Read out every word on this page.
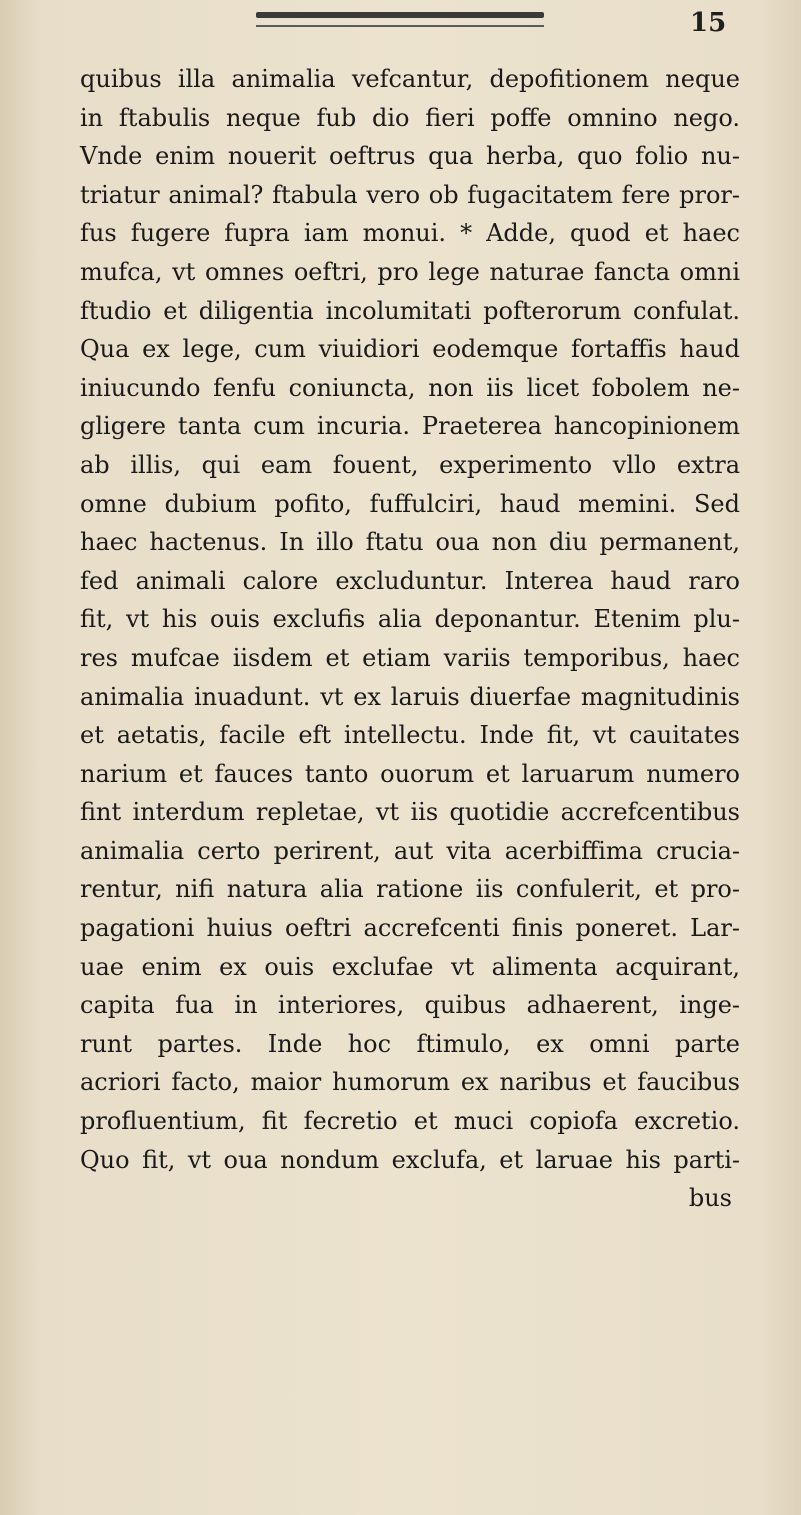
15
quibus illa animalia vefcantur, depofitionem neque
in ftabulis neque fub dio fieri poffe omnino nego.
Vnde enim nouerit oeftrus qua herba, quo folio nu-
triatur animal? ftabula vero ob fugacitatem fere pror-
fus fugere fupra iam monui. * Adde, quod et haec
mufca, vt omnes oeftri, pro lege naturae fancta omni
ftudio et diligentia incolumitati pofterorum confulat.
Qua ex lege, cum viuidiori eodemque fortaffis haud
iniucundo fenfu coniuncta, non iis licet fobolem ne-
gligere tanta cum incuria. Praeterea hancopinionem
ab illis, qui eam fouent, experimento vllo extra
omne dubium pofito, fuffulciri, haud memini. Sed
haec hactenus. In illo ftatu oua non diu permanent,
fed animali calore excluduntur. Interea haud raro
fit, vt his ouis exclufis alia deponantur. Etenim plu-
res mufcae iisdem et etiam variis temporibus, haec
animalia inuadunt. vt ex laruis diuerfae magnitudinis
et aetatis, facile eft intellectu. Inde fit, vt cauitates
narium et fauces tanto ouorum et laruarum numero
fint interdum repletae, vt iis quotidie accrefcentibus
animalia certo perirent, aut vita acerbiffima crucia-
rentur, nifi natura alia ratione iis confulerit, et pro-
pagationi huius oeftri accrefcenti finis poneret. Lar-
uae enim ex ouis exclufae vt alimenta acquirant,
capita fua in interiores, quibus adhaerent, inge-
runt partes. Inde hoc ftimulo, ex omni parte
acriori facto, maior humorum ex naribus et faucibus
profluentium, fit fecretio et muci copiofa excretio.
Quo fit, vt oua nondum exclufa, et laruae his parti-
bus
